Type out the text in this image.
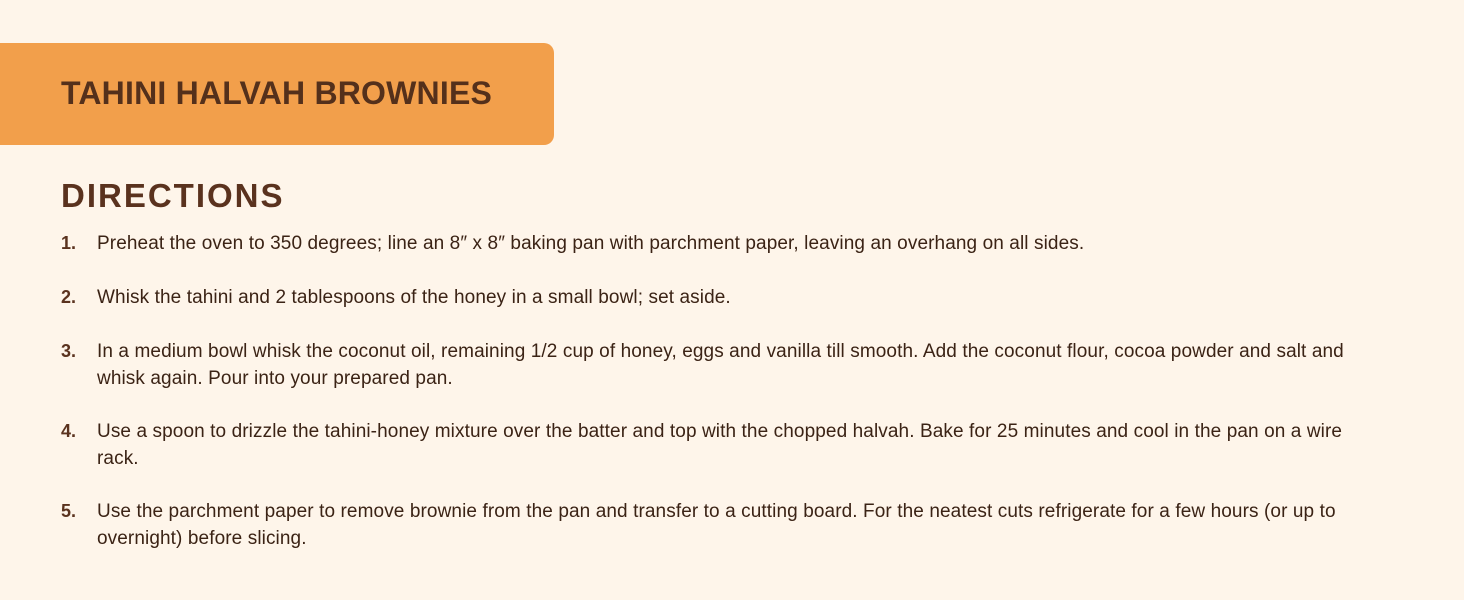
TAHINI HALVAH BROWNIES
DIRECTIONS
1.	Preheat the oven to 350 degrees; line an 8″ x 8″ baking pan with parchment paper, leaving an overhang on all sides.
2.	Whisk the tahini and 2 tablespoons of the honey in a small bowl; set aside.
3.	In a medium bowl whisk the coconut oil, remaining 1/2 cup of honey, eggs and vanilla till smooth. Add the coconut flour, cocoa powder and salt and whisk again. Pour into your prepared pan.
4.	Use a spoon to drizzle the tahini-honey mixture over the batter and top with the chopped halvah. Bake for 25 minutes and cool in the pan on a wire rack.
5.	Use the parchment paper to remove brownie from the pan and transfer to a cutting board. For the neatest cuts refrigerate for a few hours (or up to overnight) before slicing.
